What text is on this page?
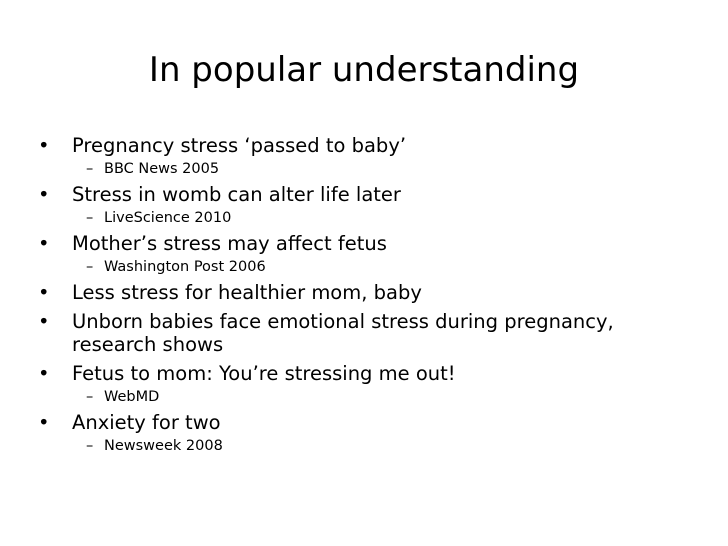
In popular understanding
• Pregnancy stress ‘passed to baby’
– BBC News 2005
• Stress in womb can alter life later
– LiveScience 2010
• Mother’s stress may affect fetus
– Washington Post 2006
• Less stress for healthier mom, baby
• Unborn babies face emotional stress during pregnancy, research shows
• Fetus to mom: You’re stressing me out!
– WebMD
• Anxiety for two
– Newsweek 2008
